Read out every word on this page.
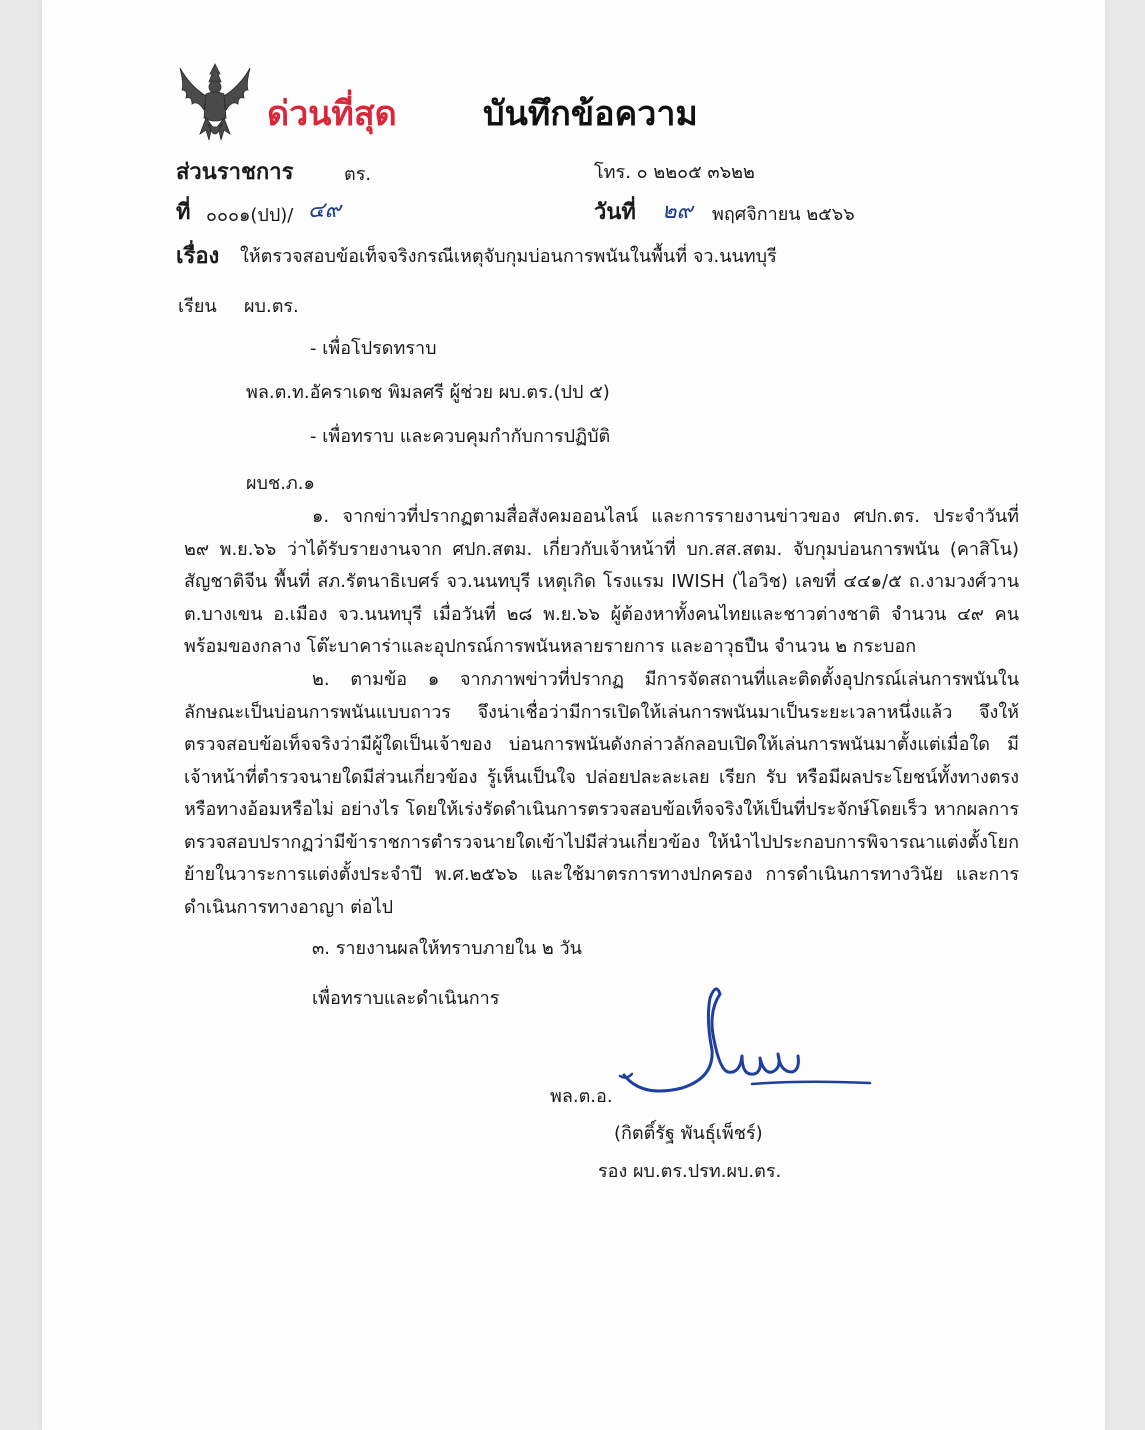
ด่วนที่สุด	บันทึกข้อความ
ส่วนราชการ	ตร.	โทร. ๐ ๒๒๐๕ ๓๖๒๒
ที่ ๐๐๐๑(ปป)/ ๔๙	วันที่ ๒๙ พฤศจิกายน ๒๕๖๖
เรื่อง ให้ตรวจสอบข้อเท็จจริงกรณีเหตุจับกุมบ่อนการพนันในพื้นที่ จว.นนทบุรี
เรียน ผบ.ตร.
- เพื่อโปรดทราบ
พล.ต.ท.อัคราเดช พิมลศรี ผู้ช่วย ผบ.ตร.(ปป ๕)
- เพื่อทราบ และควบคุมกำกับการปฏิบัติ
ผบช.ภ.๑
๑. จากข่าวที่ปรากฏตามสื่อสังคมออนไลน์ และการรายงานข่าวของ ศปก.ตร. ประจำวันที่ ๒๙ พ.ย.๖๖ ว่าได้รับรายงานจาก ศปก.สตม. เกี่ยวกับเจ้าหน้าที่ บก.สส.สตม. จับกุมบ่อนการพนัน (คาสิโน) สัญชาติจีน พื้นที่ สภ.รัตนาธิเบศร์ จว.นนทบุรี เหตุเกิด โรงแรม IWISH (ไอวิช) เลขที่ ๔๔๑/๕ ถ.งามวงศ์วาน ต.บางเขน อ.เมือง จว.นนทบุรี เมื่อวันที่ ๒๘ พ.ย.๖๖ ผู้ต้องหาทั้งคนไทยและชาวต่างชาติ จำนวน ๔๙ คน พร้อมของกลาง โต๊ะบาคาร่าและอุปกรณ์การพนันหลายรายการ และอาวุธปืน จำนวน ๒ กระบอก
๒. ตามข้อ ๑ จากภาพข่าวที่ปรากฏ มีการจัดสถานที่และติดตั้งอุปกรณ์เล่นการพนันในลักษณะเป็นบ่อนการพนันแบบถาวร จึงน่าเชื่อว่ามีการเปิดให้เล่นการพนันมาเป็นระยะเวลาหนึ่งแล้ว จึงให้ตรวจสอบข้อเท็จจริงว่ามีผู้ใดเป็นเจ้าของ บ่อนการพนันดังกล่าวลักลอบเปิดให้เล่นการพนันมาตั้งแต่เมื่อใด มีเจ้าหน้าที่ตำรวจนายใดมีส่วนเกี่ยวข้อง รู้เห็นเป็นใจ ปล่อยปละละเลย เรียก รับ หรือมีผลประโยชน์ทั้งทางตรงหรือทางอ้อมหรือไม่ อย่างไร โดยให้เร่งรัดดำเนินการตรวจสอบข้อเท็จจริงให้เป็นที่ประจักษ์โดยเร็ว หากผลการตรวจสอบปรากฏว่ามีข้าราชการตำรวจนายใดเข้าไปมีส่วนเกี่ยวข้อง ให้นำไปประกอบการพิจารณาแต่งตั้งโยกย้ายในวาระการแต่งตั้งประจำปี พ.ศ.๒๕๖๖ และใช้มาตรการทางปกครอง การดำเนินการทางวินัย และการดำเนินการทางอาญา ต่อไป
๓. รายงานผลให้ทราบภายใน ๒ วัน
เพื่อทราบและดำเนินการ
พล.ต.อ.
(กิตติ์รัฐ พันธุ์เพ็ชร์)
รอง ผบ.ตร.ปรท.ผบ.ตร.
